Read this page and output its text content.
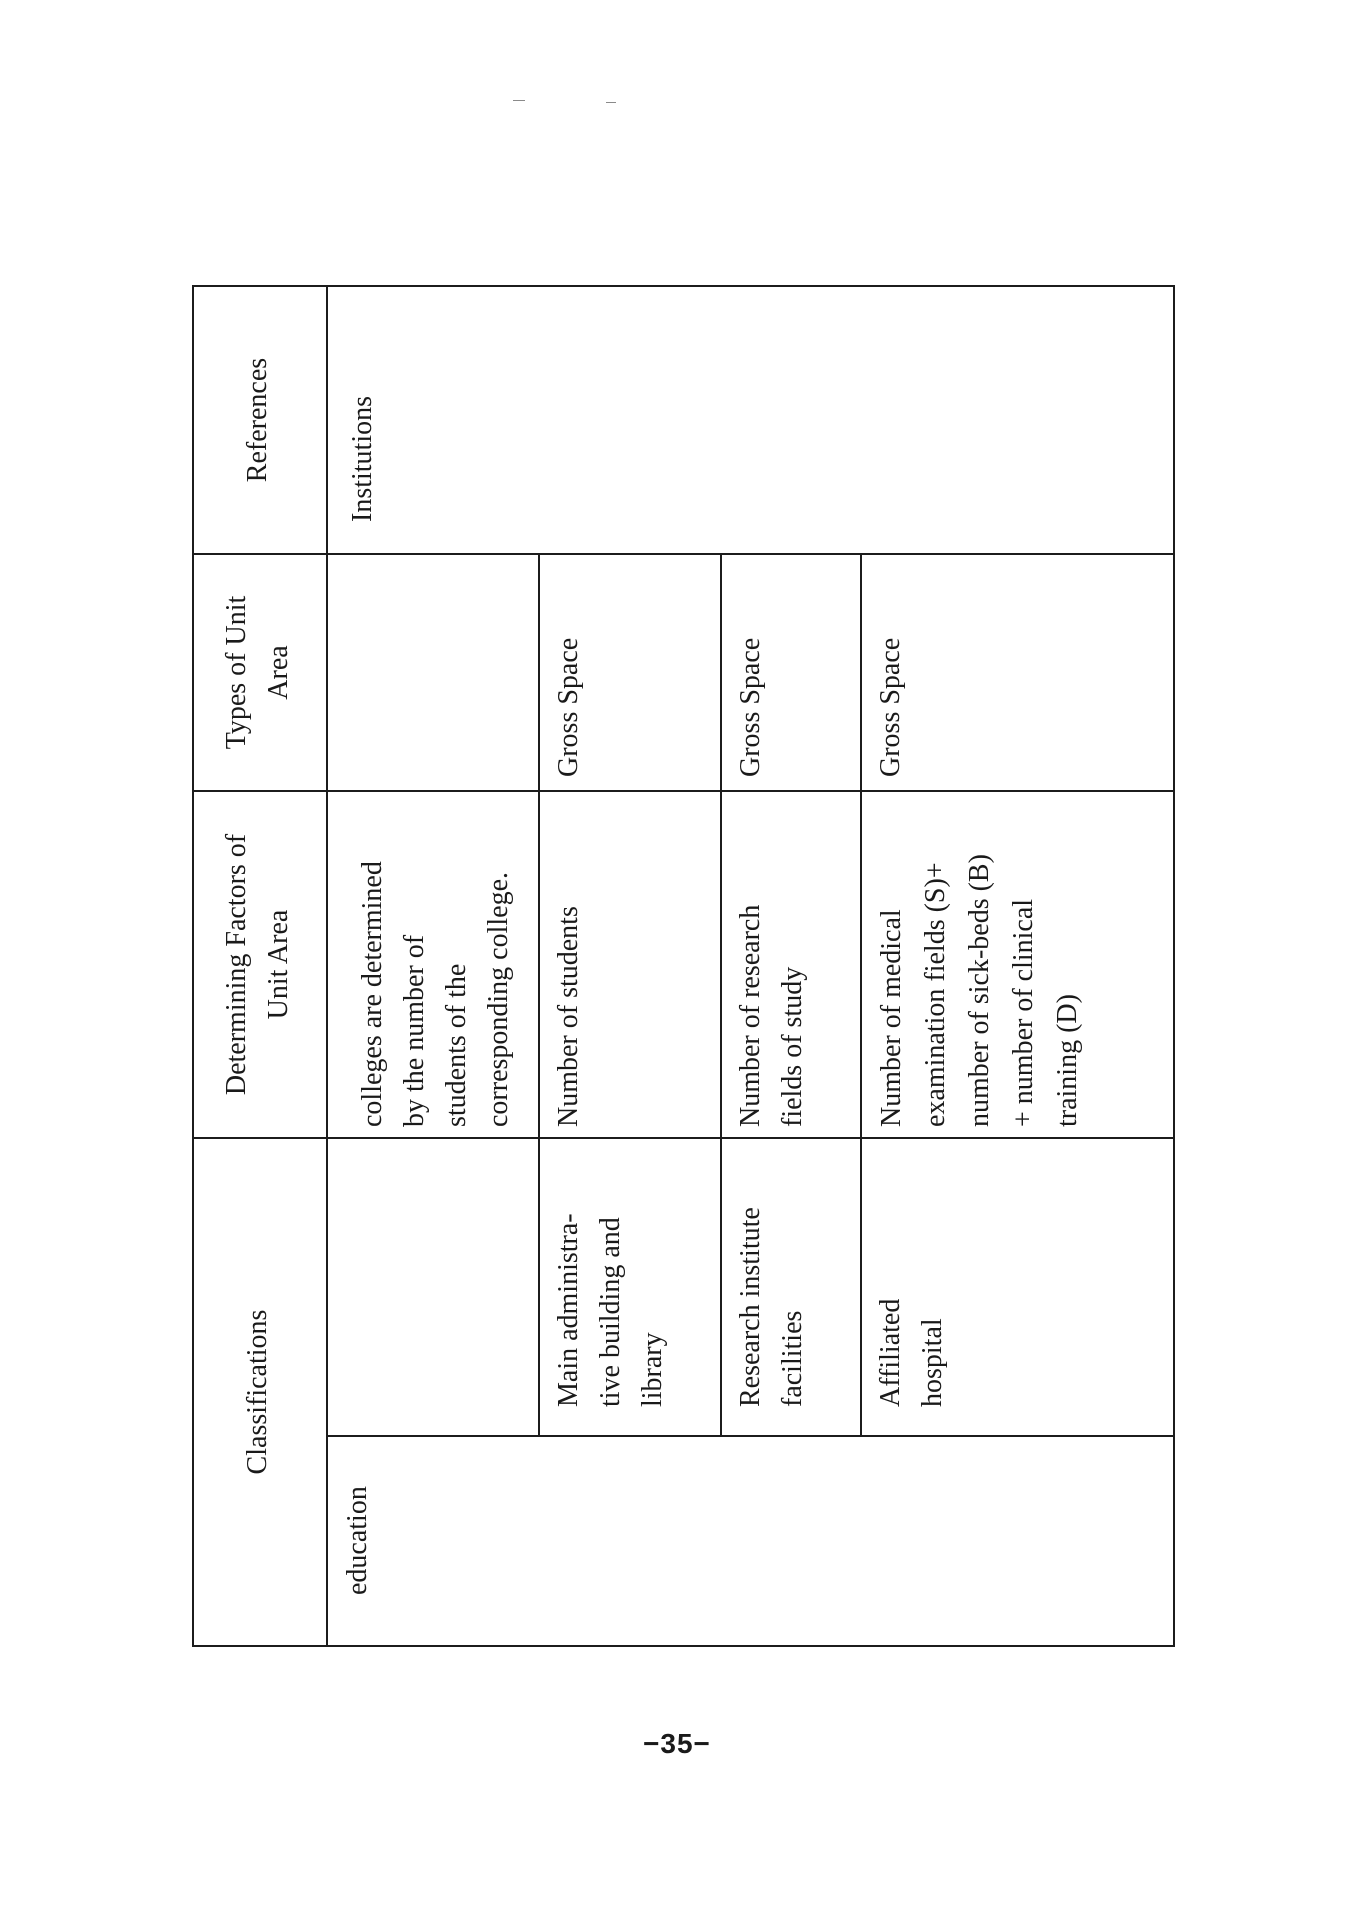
Classifications
Determining Factors of
Unit Area
Types of Unit
Area
References
education
colleges are determined
by the number of
students of the
corresponding college.
Institutions
Main administra-
tive building and
library
Number of students
Gross Space
Research institute
facilities
Number of research
fields of study
Gross Space
Affiliated
hospital
Number of medical
examination fields (S)+
number of sick-beds (B)
+ number of clinical
training (D)
Gross Space
−35−
